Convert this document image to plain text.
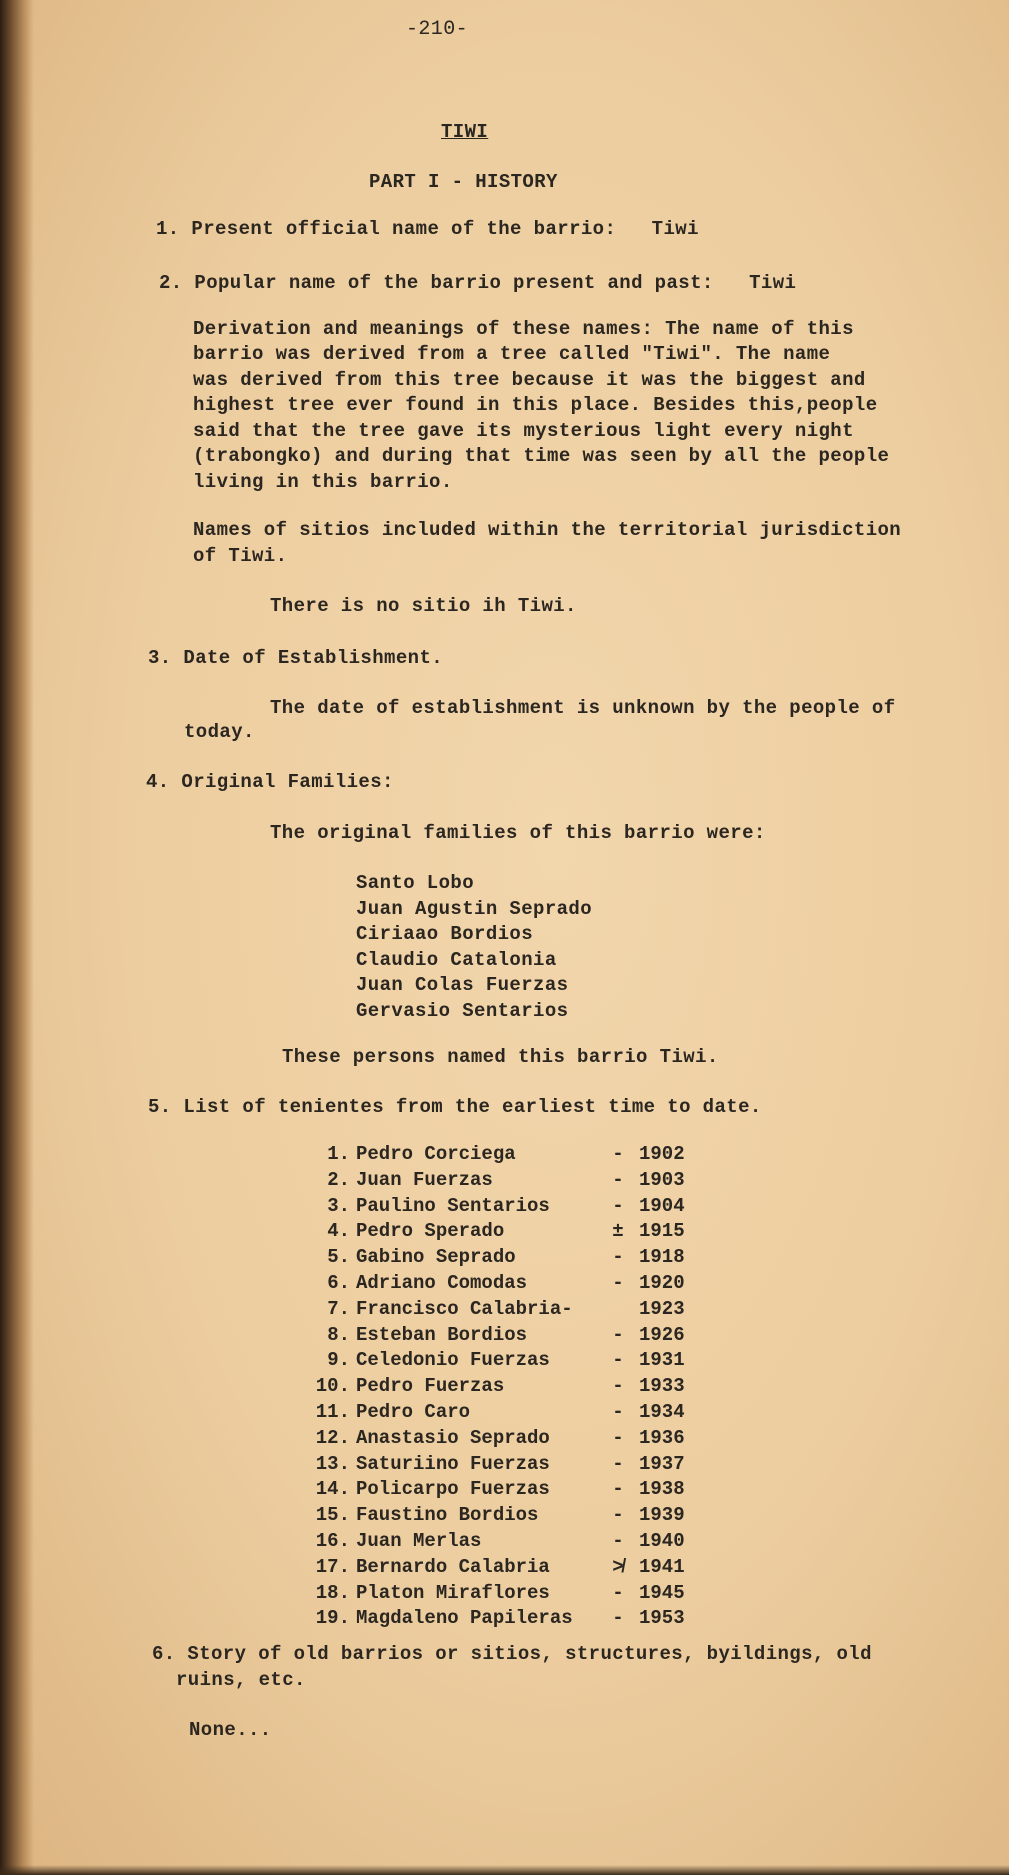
-210-
TIWI
PART I - HISTORY
1. Present official name of the barrio:   Tiwi
2. Popular name of the barrio present and past:   Tiwi
Derivation and meanings of these names: The name of this
barrio was derived from a tree called "Tiwi". The name
was derived from this tree because it was the biggest and
highest tree ever found in this place. Besides this,people
said that the tree gave its mysterious light every night
(trabongko) and during that time was seen by all the people
living in this barrio.
Names of sitios included within the territorial jurisdiction
of Tiwi.
There is no sitio ih Tiwi.
3. Date of Establishment.
The date of establishment is unknown by the people of
today.
4. Original Families:
The original families of this barrio were:
Santo Lobo
Juan Agustin Seprado
Ciriaao Bordios
Claudio Catalonia
Juan Colas Fuerzas
Gervasio Sentarios
These persons named this barrio Tiwi.
5. List of tenientes from the earliest time to date.
1. Pedro Corciega	- 1902
2. Juan Fuerzas	- 1903
3. Paulino Sentarios	- 1904
4. Pedro Sperado	± 1915
5. Gabino Seprado	- 1918
6. Adriano Comodas	- 1920
7. Francisco Calabria-	1923
8. Esteban Bordios	- 1926
9. Celedonio Fuerzas	- 1931
10. Pedro Fuerzas	- 1933
11. Pedro Caro	- 1934
12. Anastasio Seprado	- 1936
13. Saturiino Fuerzas	- 1937
14. Policarpo Fuerzas	- 1938
15. Faustino Bordios	- 1939
16. Juan Merlas	- 1940
17. Bernardo Calabria	≯ 1941
18. Platon Miraflores	- 1945
19. Magdaleno Papileras - 1953
6. Story of old barrios or sitios, structures, byildings, old
ruins, etc.
None...
